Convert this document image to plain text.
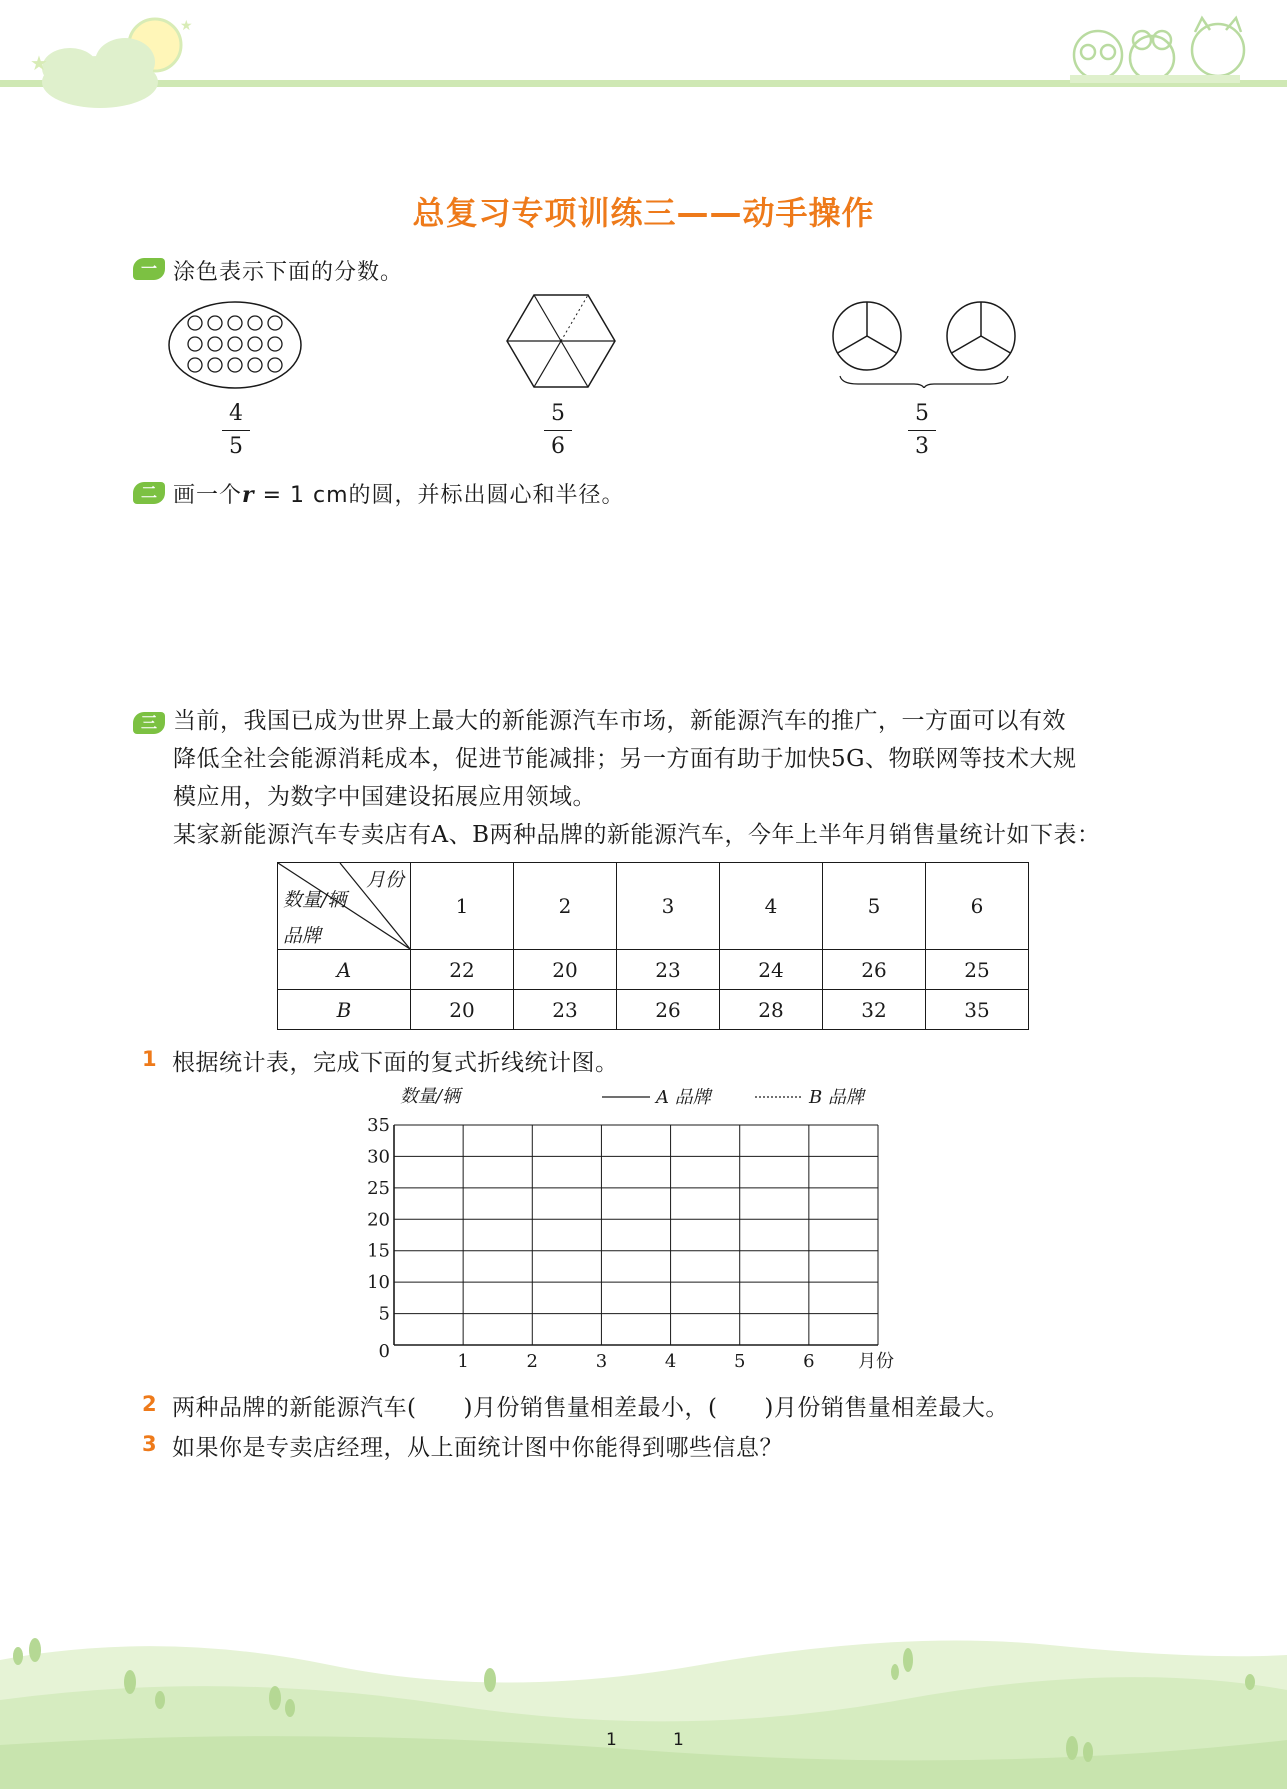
★
★
总复习专项训练三——动手操作
一 涂色表示下面的分数。
4
5
5
6
5
3
二 画一个r = 1 cm的圆，并标出圆心和半径。
三 当前，我国已成为世界上最大的新能源汽车市场，新能源汽车的推广，一方面可以有效
降低全社会能源消耗成本，促进节能减排；另一方面有助于加快5G、物联网等技术大规
模应用，为数字中国建设拓展应用领域。
某家新能源汽车专卖店有A、B两种品牌的新能源汽车，今年上半年月销售量统计如下表：
月份
数量/辆
品牌	1	2	3	4	5	6
A	22	20	23	24	26	25
B	20	23	26	28	32	35
1 根据统计表，完成下面的复式折线统计图。
0
5
10
15
20
25
30
35
1	2	3	4	5	6
数量/辆
月份
A 品牌	B 品牌
2 两种品牌的新能源汽车(　　)月份销售量相差最小，(　　)月份销售量相差最大。
3 如果你是专卖店经理，从上面统计图中你能得到哪些信息？
1	1
